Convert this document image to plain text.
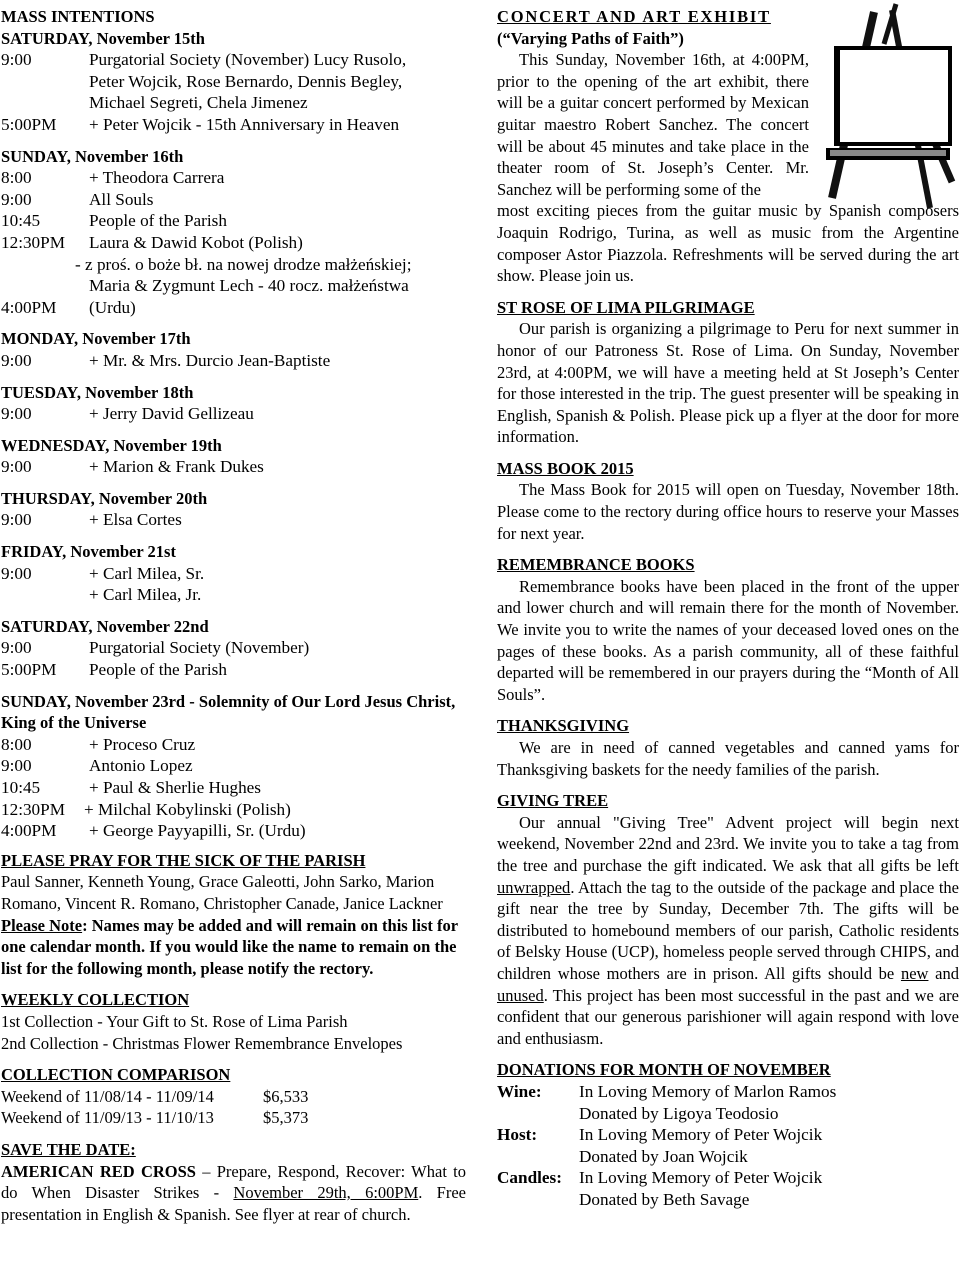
MASS INTENTIONS
SATURDAY, November 15th
9:00	Purgatorial Society (November) Lucy Rusolo,
Peter Wojcik, Rose Bernardo, Dennis Begley,
Michael Segreti, Chela Jimenez
5:00PM	+ Peter Wojcik - 15th Anniversary in Heaven
SUNDAY, November 16th
8:00	+ Theodora Carrera
9:00	All Souls
10:45	People of the Parish
12:30PM	Laura & Dawid Kobot (Polish)
- z proś. o boże bł. na nowej drodze małżeńskiej;
Maria & Zygmunt Lech - 40 rocz. małżeństwa
4:00PM	(Urdu)
MONDAY, November 17th
9:00	+ Mr. & Mrs. Durcio Jean-Baptiste
TUESDAY, November 18th
9:00	+ Jerry David Gellizeau
WEDNESDAY, November 19th
9:00	+ Marion & Frank Dukes
THURSDAY, November 20th
9:00	+ Elsa Cortes
FRIDAY, November 21st
9:00	+ Carl Milea, Sr.
+ Carl Milea, Jr.
SATURDAY, November 22nd
9:00	Purgatorial Society (November)
5:00PM	People of the Parish
SUNDAY, November 23rd - Solemnity of Our Lord Jesus Christ, King of the Universe
8:00	+ Proceso Cruz
9:00	Antonio Lopez
10:45	+ Paul & Sherlie Hughes
12:30PM	+ Milchal Kobylinski (Polish)
4:00PM	+ George Payyapilli, Sr. (Urdu)
PLEASE PRAY FOR THE SICK OF THE PARISH
Paul Sanner, Kenneth Young, Grace Galeotti, John Sarko, Marion Romano, Vincent R. Romano, Christopher Canade, Janice Lackner  Please Note: Names may be added and will remain on this list for one calendar month. If you would like the name to remain on the list for the following month, please notify the rectory.
WEEKLY COLLECTION
1st Collection - Your Gift to St. Rose of Lima Parish
2nd Collection - Christmas Flower Remembrance Envelopes
COLLECTION COMPARISON
Weekend of 11/08/14 - 11/09/14	$6,533
Weekend of 11/09/13 - 11/10/13	$5,373
SAVE THE DATE:
AMERICAN RED CROSS – Prepare, Respond, Recover: What to do When Disaster Strikes - November 29th, 6:00PM. Free presentation in English & Spanish. See flyer at rear of church.
CONCERT AND ART EXHIBIT
(“Varying Paths of Faith”)
This Sunday, November 16th, at 4:00PM, prior to the opening of the art exhibit, there will be a guitar concert performed by Mexican guitar maestro Robert Sanchez. The concert will be about 45 minutes and take place in the theater room of St. Joseph’s Center. Mr. Sanchez will be performing some of the
most exciting pieces from the guitar music by Spanish composers Joaquin Rodrigo, Turina, as well as music from the Argentine composer Astor Piazzola. Refreshments will be served during the art show. Please join us.
ST ROSE OF LIMA PILGRIMAGE
Our parish is organizing a pilgrimage to Peru for next summer in honor of our Patroness St. Rose of Lima. On Sunday, November 23rd, at 4:00PM, we will have a meeting held at St Joseph’s Center for those interested in the trip. The guest presenter will be speaking in English, Spanish & Polish. Please pick up a flyer at the door for more information.
MASS BOOK 2015
The Mass Book for 2015 will open on Tuesday, November 18th. Please come to the rectory during office hours to reserve your Masses for next year.
REMEMBRANCE BOOKS
Remembrance books have been placed in the front of the upper and lower church and will remain there for the month of November. We invite you to write the names of your deceased loved ones on the pages of these books. As a parish community, all of these faithful departed will be remembered in our prayers during the “Month of All Souls”.
THANKSGIVING
We are in need of canned vegetables and canned yams for Thanksgiving baskets for the needy families of the parish.
GIVING TREE
Our annual "Giving Tree" Advent project will begin next weekend, November 22nd and 23rd. We invite you to take a tag from the tree and purchase the gift indicated. We ask that all gifts be left unwrapped. Attach the tag to the outside of the package and place the gift near the tree by Sunday, December 7th. The gifts will be distributed to homebound members of our parish, Catholic residents of Belsky House (UCP), homeless people served through CHIPS, and children whose mothers are in prison. All gifts should be new and unused. This project has been most successful in the past and we are confident that our generous parishioner will again respond with love and enthusiasm.
DONATIONS FOR MONTH OF NOVEMBER
Wine:	In Loving Memory of Marlon Ramos
Donated by Ligoya Teodosio
Host:	In Loving Memory of Peter Wojcik
Donated by Joan Wojcik
Candles: In Loving Memory of Peter Wojcik
Donated by Beth Savage
